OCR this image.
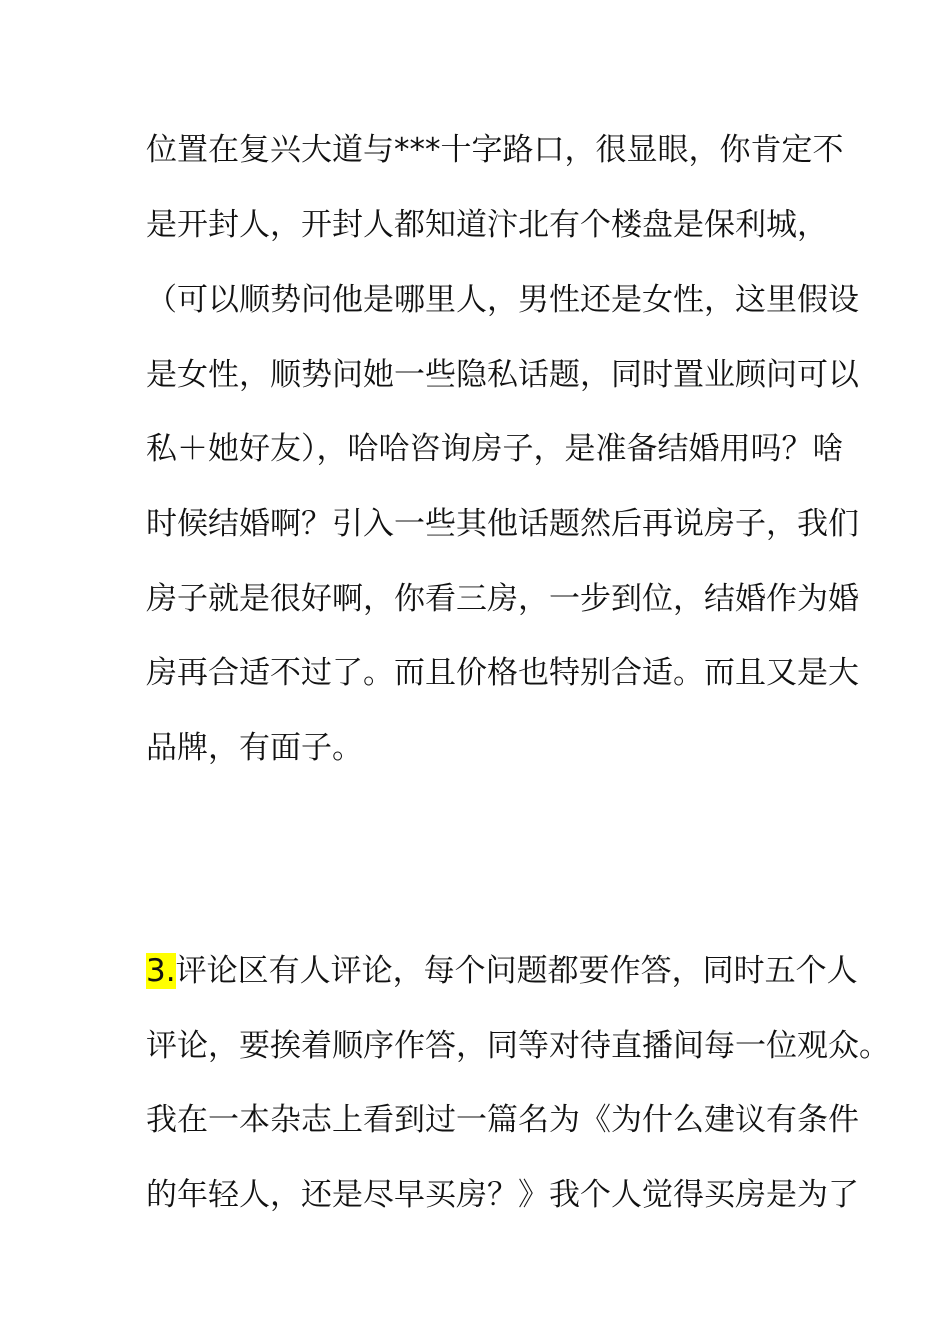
位置在复兴大道与***十字路口，很显眼，你肯定不

是开封人，开封人都知道汴北有个楼盘是保利城，

（可以顺势问他是哪里人，男性还是女性，这里假设

是女性，顺势问她一些隐私话题，同时置业顾问可以

私＋她好友），哈哈咨询房子，是准备结婚用吗？啥

时候结婚啊？引入一些其他话题然后再说房子，我们

房子就是很好啊，你看三房，一步到位，结婚作为婚

房再合适不过了。而且价格也特别合适。而且又是大

品牌，有面子。

3.评论区有人评论，每个问题都要作答，同时五个人

评论，要挨着顺序作答，同等对待直播间每一位观众。

我在一本杂志上看到过一篇名为《为什么建议有条件

的年轻人，还是尽早买房？》我个人觉得买房是为了
